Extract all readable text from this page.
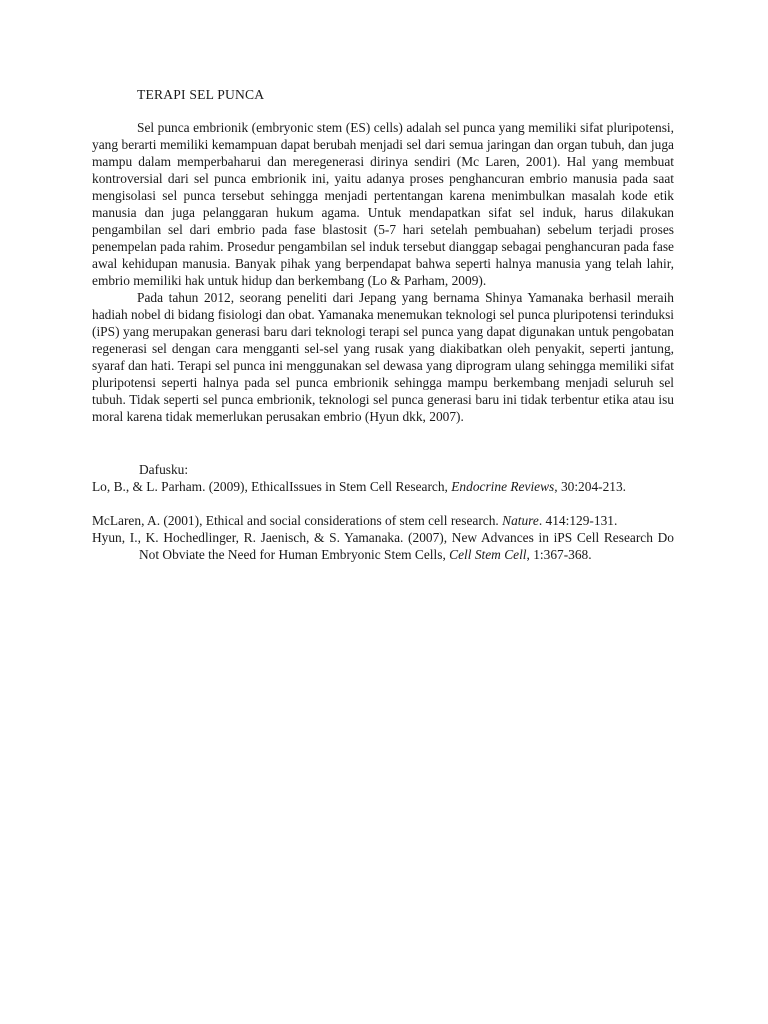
TERAPI SEL PUNCA

Sel punca embrionik (embryonic stem (ES) cells) adalah sel punca yang memiliki sifat pluripotensi, yang berarti memiliki kemampuan dapat berubah menjadi sel dari semua jaringan dan organ tubuh, dan juga mampu dalam memperbaharui dan meregenerasi dirinya sendiri (Mc Laren, 2001). Hal yang membuat kontroversial dari sel punca embrionik ini, yaitu adanya proses penghancuran embrio manusia pada saat mengisolasi sel punca tersebut sehingga menjadi pertentangan karena menimbulkan masalah kode etik manusia dan juga pelanggaran hukum agama. Untuk mendapatkan sifat sel induk, harus dilakukan pengambilan sel dari embrio pada fase blastosit (5-7 hari setelah pembuahan) sebelum terjadi proses penempelan pada rahim. Prosedur pengambilan sel induk tersebut dianggap sebagai penghancuran pada fase awal kehidupan manusia. Banyak pihak yang berpendapat bahwa seperti halnya manusia yang telah lahir, embrio memiliki hak untuk hidup dan berkembang (Lo & Parham, 2009).

Pada tahun 2012, seorang peneliti dari Jepang yang bernama Shinya Yamanaka berhasil meraih hadiah nobel di bidang fisiologi dan obat. Yamanaka menemukan teknologi sel punca pluripotensi terinduksi (iPS) yang merupakan generasi baru dari teknologi terapi sel punca yang dapat digunakan untuk pengobatan regenerasi sel dengan cara mengganti sel-sel yang rusak yang diakibatkan oleh penyakit, seperti jantung, syaraf dan hati. Terapi sel punca ini menggunakan sel dewasa yang diprogram ulang sehingga memiliki sifat pluripotensi seperti halnya pada sel punca embrionik sehingga mampu berkembang menjadi seluruh sel tubuh. Tidak seperti sel punca embrionik, teknologi sel punca generasi baru ini tidak terbentur etika atau isu moral karena tidak memerlukan perusakan embrio (Hyun dkk, 2007).

Dafusku:

Lo, B., & L. Parham. (2009), EthicalIssues in Stem Cell Research, Endocrine Reviews, 30:204-213.

McLaren, A. (2001), Ethical and social considerations of stem cell research. Nature. 414:129-131.

Hyun, I., K. Hochedlinger, R. Jaenisch, & S. Yamanaka. (2007), New Advances in iPS Cell Research Do Not Obviate the Need for Human Embryonic Stem Cells, Cell Stem Cell, 1:367-368.
